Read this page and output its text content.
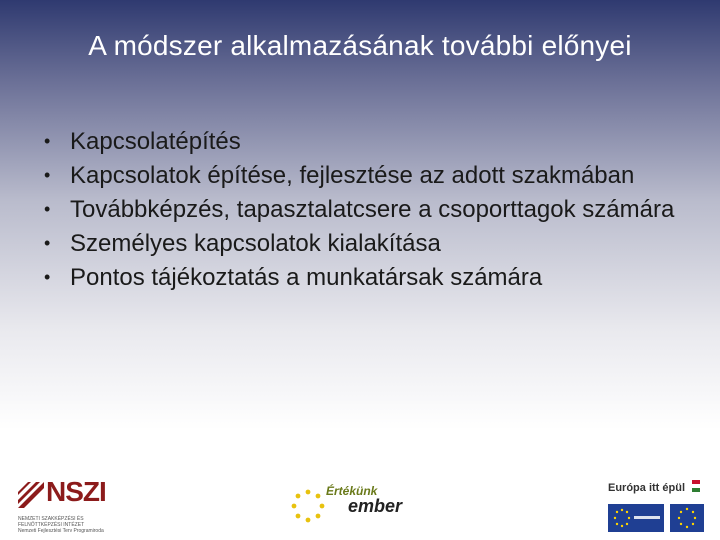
A módszer alkalmazásának további előnyei
• Kapcsolatépítés
• Kapcsolatok építése, fejlesztése az adott szakmában
• Továbbképzés, tapasztalatcsere a csoporttagok számára
• Személyes kapcsolatok kialakítása
• Pontos tájékoztatás a munkatársak számára
NSZI
NEMZETI SZAKKÉPZÉSI ÉS FELNŐTTKÉPZÉSI INTÉZET
Nemzeti Fejlesztési Terv Programiroda
Értékünk
ember
Európa itt épül
